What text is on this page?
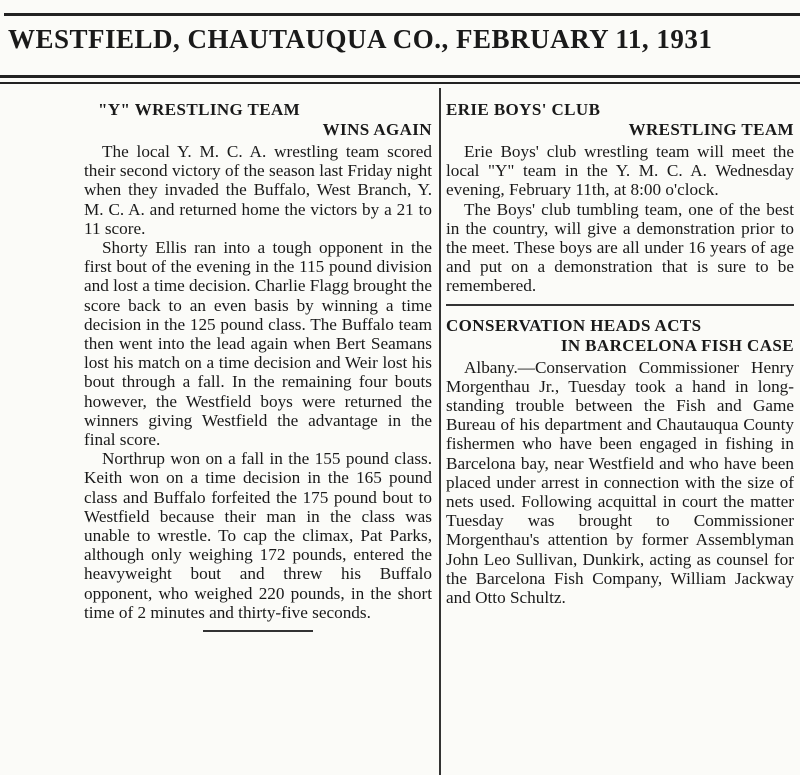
WESTFIELD, CHAUTAUQUA CO., FEBRUARY 11, 1931
"Y" WRESTLING TEAM
WINS AGAIN

The local Y. M. C. A. wrestling team scored their second victory of the season last Friday night when they invaded the Buffalo, West Branch, Y. M. C. A. and returned home the victors by a 21 to 11 score.

Shorty Ellis ran into a tough opponent in the first bout of the evening in the 115 pound division and lost a time decision. Charlie Flagg brought the score back to an even basis by winning a time decision in the 125 pound class. The Buffalo team then went into the lead again when Bert Seamans lost his match on a time decision and Weir lost his bout through a fall. In the remaining four bouts however, the Westfield boys were returned the winners giving Westfield the advantage in the final score.

Northrup won on a fall in the 155 pound class. Keith won on a time decision in the 165 pound class and Buffalo forfeited the 175 pound bout to Westfield because their man in the class was unable to wrestle. To cap the climax, Pat Parks, although only weighing 172 pounds, entered the heavyweight bout and threw his Buffalo opponent, who weighed 220 pounds, in the short time of 2 minutes and thirty-five seconds.

ERIE BOYS' CLUB
WRESTLING TEAM

Erie Boys' club wrestling team will meet the local "Y" team in the Y. M. C. A. Wednesday evening, February 11th, at 8:00 o'clock.

The Boys' club tumbling team, one of the best in the country, will give a demonstration prior to the meet. These boys are all under 16 years of age and put on a demonstration that is sure to be remembered.

CONSERVATION HEADS ACTS
IN BARCELONA FISH CASE

Albany.—Conservation Commissioner Henry Morgenthau Jr., Tuesday took a hand in long-standing trouble between the Fish and Game Bureau of his department and Chautauqua County fishermen who have been engaged in fishing in Barcelona bay, near Westfield and who have been placed under arrest in connection with the size of nets used. Following acquittal in court the matter Tuesday was brought to Commissioner Morgenthau's attention by former Assemblyman John Leo Sullivan, Dunkirk, acting as counsel for the Barcelona Fish Company, William Jackway and Otto Schultz.
